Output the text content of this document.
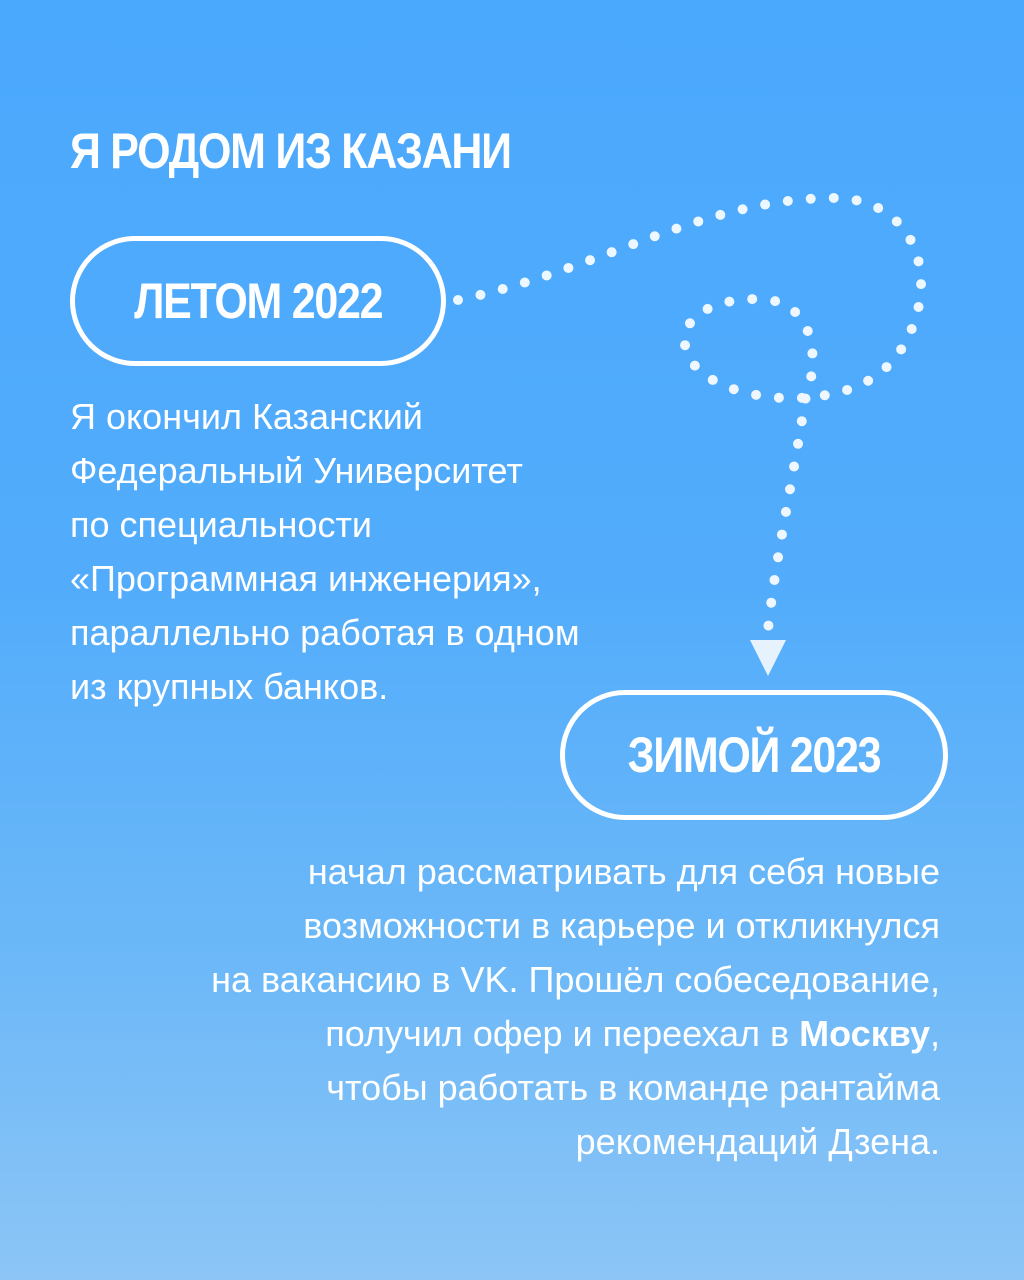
Я РОДОМ ИЗ КАЗАНИ
ЛЕТОМ 2022

Я окончил Казанский
Федеральный Университет
по специальности
«Программная инженерия»,
параллельно работая в одном
из крупных банков.

ЗИМОЙ 2023

начал рассматривать для себя новые
возможности в карьере и откликнулся
на вакансию в VK. Прошёл собеседование,
получил офер и переехал в Москву,
чтобы работать в команде рантайма
рекомендаций Дзена.
